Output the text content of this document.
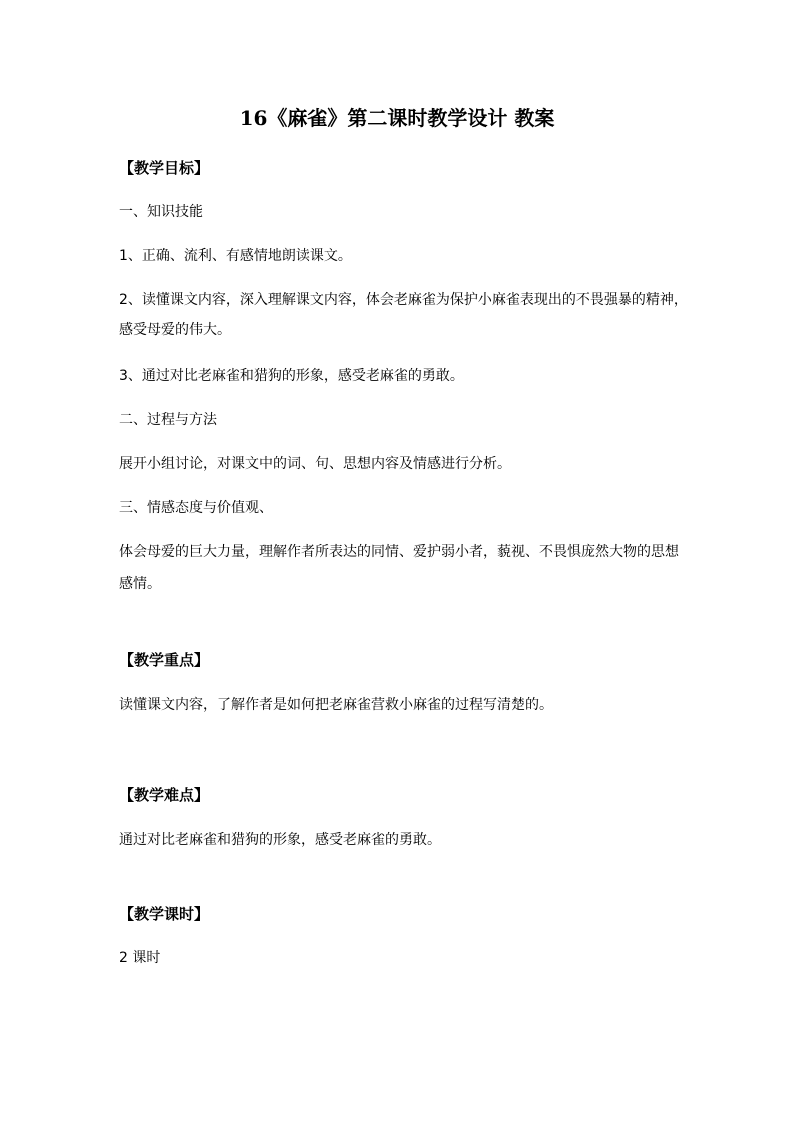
16《麻雀》第二课时教学设计 教案
【教学目标】
一、知识技能
1、正确、流利、有感情地朗读课文。
2、读懂课文内容，深入理解课文内容，体会老麻雀为保护小麻雀表现出的不畏强暴的精神，
感受母爱的伟大。
3、通过对比老麻雀和猎狗的形象，感受老麻雀的勇敢。
二、过程与方法
展开小组讨论，对课文中的词、句、思想内容及情感进行分析。
三、情感态度与价值观、
体会母爱的巨大力量，理解作者所表达的同情、爱护弱小者，藐视、不畏惧庞然大物的思想
感情。
【教学重点】
读懂课文内容，了解作者是如何把老麻雀营救小麻雀的过程写清楚的。
【教学难点】
通过对比老麻雀和猎狗的形象，感受老麻雀的勇敢。
【教学课时】
2 课时
